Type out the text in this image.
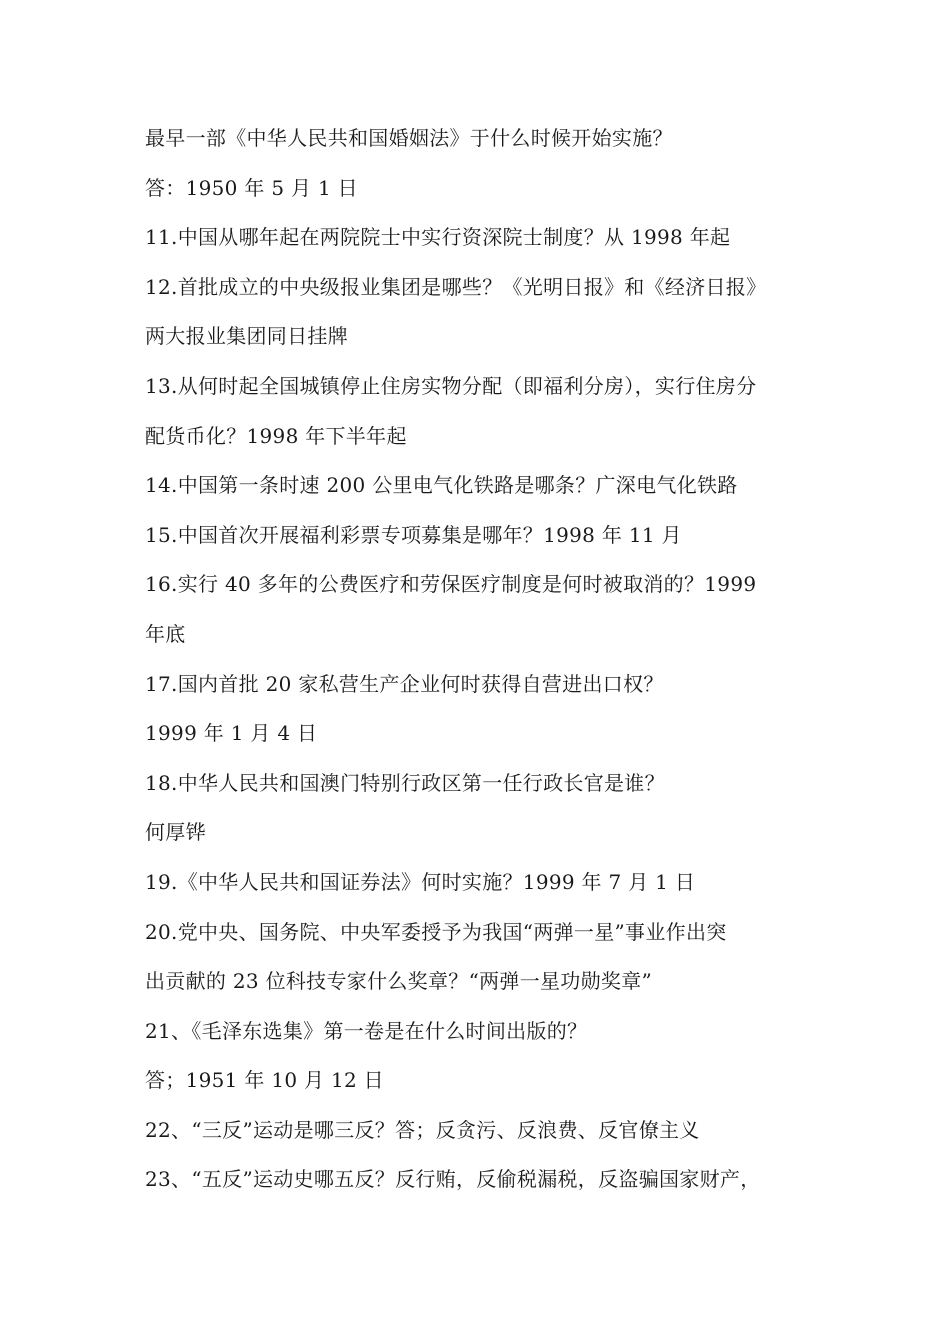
最早一部《中华人民共和国婚姻法》于什么时候开始实施？
答：1950 年 5 月 1 日
11.中国从哪年起在两院院士中实行资深院士制度？从 1998 年起
12.首批成立的中央级报业集团是哪些？《光明日报》和《经济日报》
两大报业集团同日挂牌
13.从何时起全国城镇停止住房实物分配（即福利分房），实行住房分
配货币化？1998 年下半年起
14.中国第一条时速 200 公里电气化铁路是哪条？广深电气化铁路
15.中国首次开展福利彩票专项募集是哪年？1998 年 11 月
16.实行 40 多年的公费医疗和劳保医疗制度是何时被取消的？1999
年底
17.国内首批 20 家私营生产企业何时获得自营进出口权？
1999 年 1 月 4 日
18.中华人民共和国澳门特别行政区第一任行政长官是谁？
何厚铧
19.《中华人民共和国证券法》何时实施？1999 年 7 月 1 日
20.党中央、国务院、中央军委授予为我国“两弹一星”事业作出突
出贡献的 23 位科技专家什么奖章？“两弹一星功勋奖章”
21、《毛泽东选集》第一卷是在什么时间出版的？
答；1951 年 10 月 12 日
22、“三反”运动是哪三反？答；反贪污、反浪费、反官僚主义
23、“五反”运动史哪五反？反行贿，反偷税漏税，反盗骗国家财产，
